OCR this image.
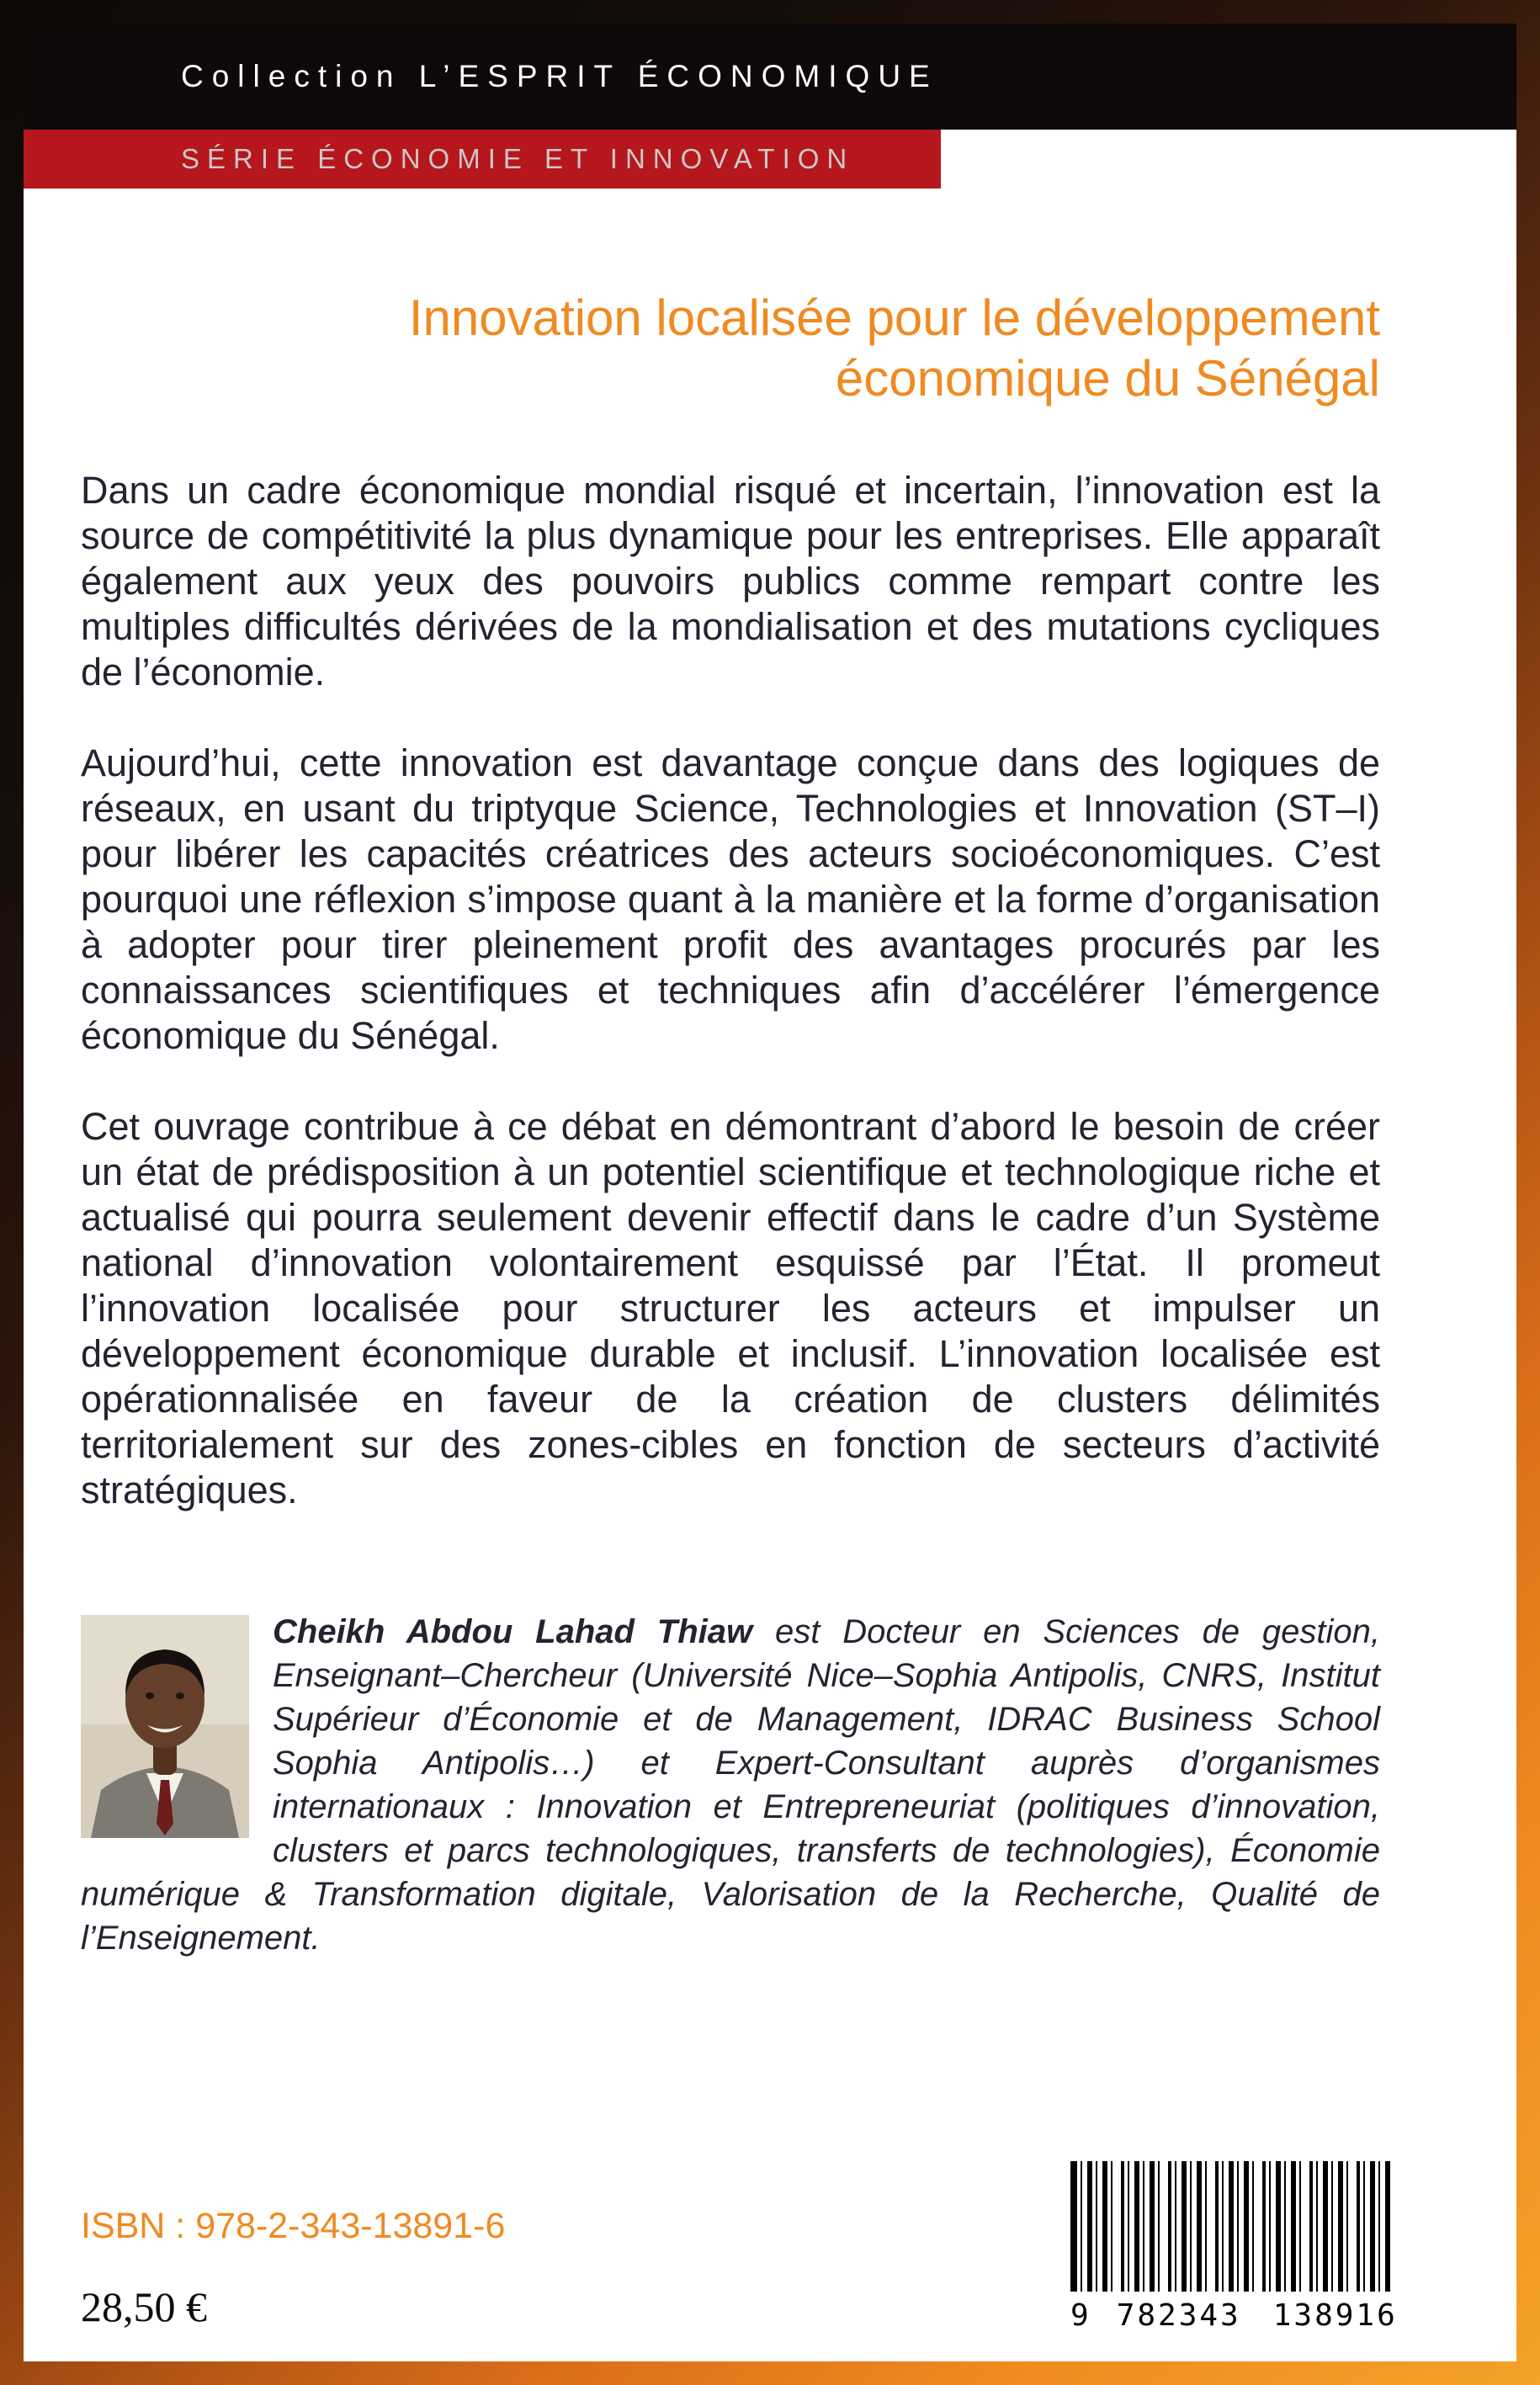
Collection L’ESPRIT ÉCONOMIQUE
SÉRIE ÉCONOMIE ET INNOVATION
Innovation localisée pour le développement
économique du Sénégal

Dans un cadre économique mondial risqué et incertain, l’innovation est la source de compétitivité la plus dynamique pour les entreprises. Elle apparaît également aux yeux des pouvoirs publics comme rempart contre les multiples difficultés dérivées de la mondialisation et des mutations cycliques de l’économie.

Aujourd’hui, cette innovation est davantage conçue dans des logiques de réseaux, en usant du triptyque Science, Technologies et Innovation (ST–I) pour libérer les capacités créatrices des acteurs socioéconomiques. C’est pourquoi une réflexion s’impose quant à la manière et la forme d’organisation à adopter pour tirer pleinement profit des avantages procurés par les connaissances scientifiques et techniques afin d’accélérer l’émergence économique du Sénégal.

Cet ouvrage contribue à ce débat en démontrant d’abord le besoin de créer un état de prédisposition à un potentiel scientifique et technologique riche et actualisé qui pourra seulement devenir effectif dans le cadre d’un Système national d’innovation volontairement esquissé par l’État. Il promeut l’innovation localisée pour structurer les acteurs et impulser un développement économique durable et inclusif. L’innovation localisée est opérationnalisée en faveur de la création de clusters délimités territorialement sur des zones-cibles en fonction de secteurs d’activité stratégiques.

Cheikh Abdou Lahad Thiaw est Docteur en Sciences de gestion, Enseignant–Chercheur (Université Nice–Sophia Antipolis, CNRS, Institut Supérieur d’Économie et de Management, IDRAC Business School Sophia Antipolis…) et Expert-Consultant auprès d’organismes internationaux : Innovation et Entrepreneuriat (politiques d’innovation, clusters et parcs technologiques, transferts de technologies), Économie numérique & Transformation digitale, Valorisation de la Recherche, Qualité de l’Enseignement.

ISBN : 978-2-343-13891-6
28,50 €	9 782343 138916
